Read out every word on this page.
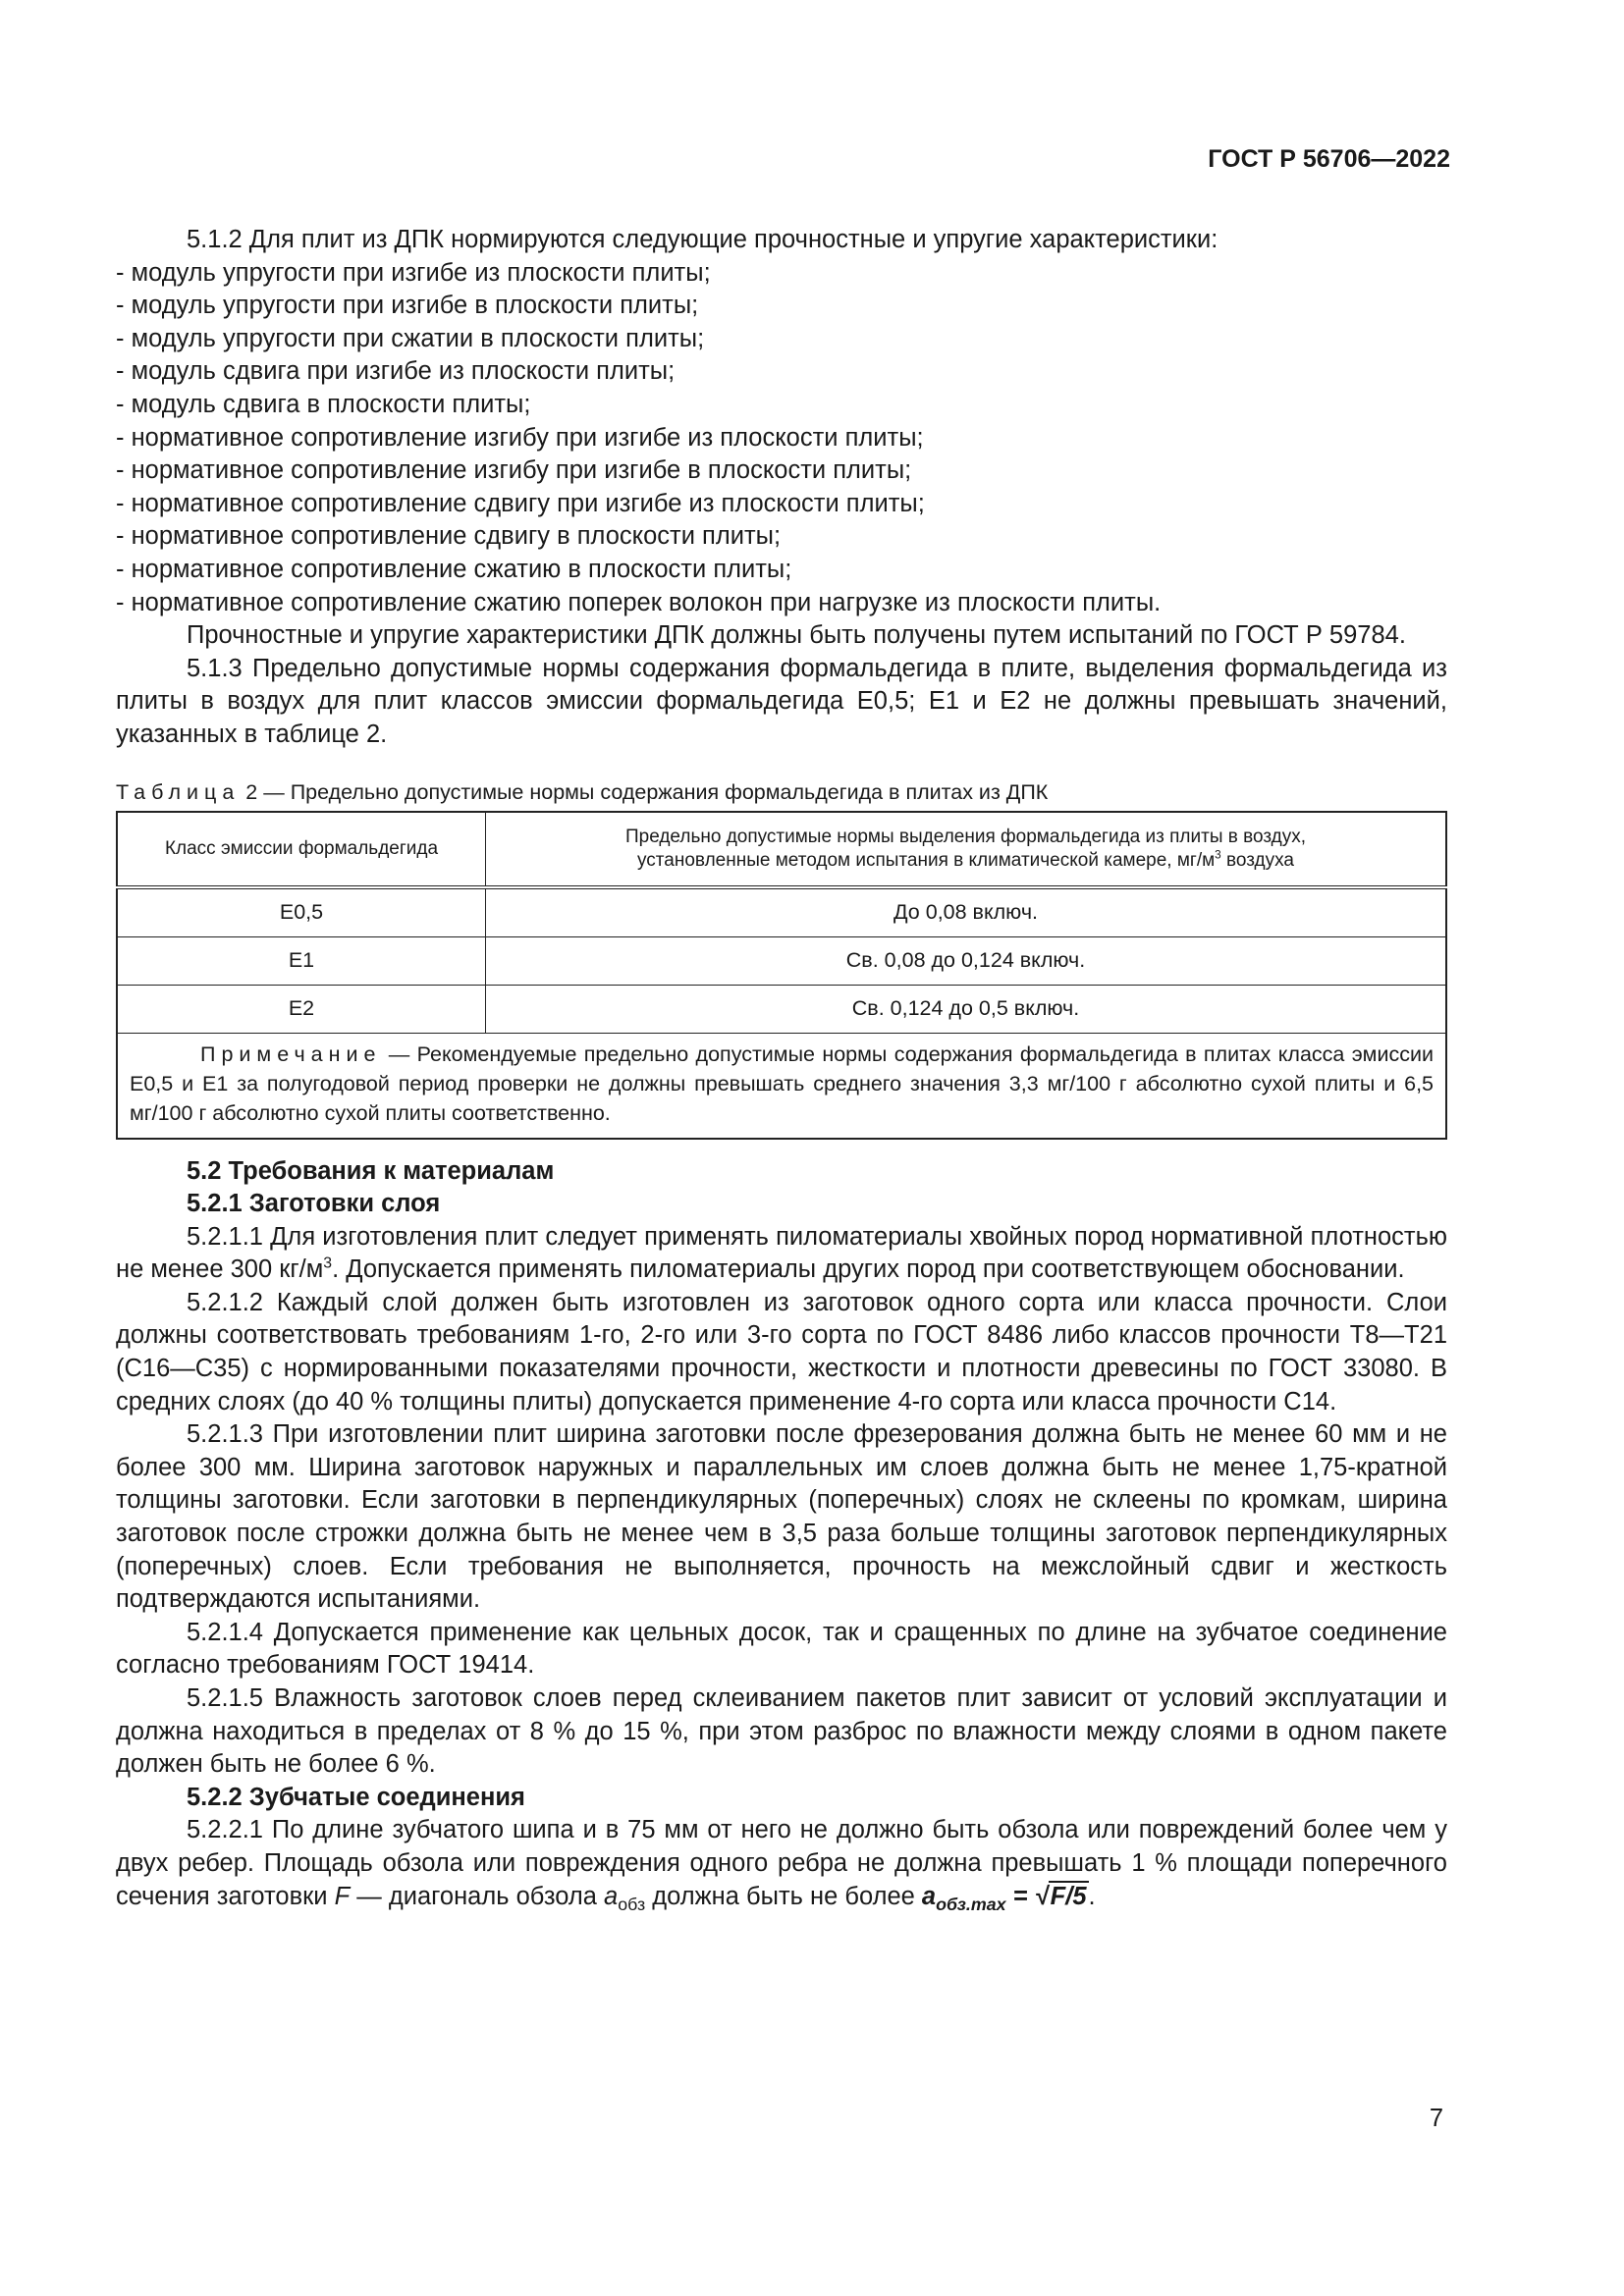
ГОСТ Р 56706—2022

5.1.2 Для плит из ДПК нормируются следующие прочностные и упругие характеристики:

- модуль упругости при изгибе из плоскости плиты;

- модуль упругости при изгибе в плоскости плиты;

- модуль упругости при сжатии в плоскости плиты;

- модуль сдвига при изгибе из плоскости плиты;

- модуль сдвига в плоскости плиты;

- нормативное сопротивление изгибу при изгибе из плоскости плиты;

- нормативное сопротивление изгибу при изгибе в плоскости плиты;

- нормативное сопротивление сдвигу при изгибе из плоскости плиты;

- нормативное сопротивление сдвигу в плоскости плиты;

- нормативное сопротивление сжатию в плоскости плиты;

- нормативное сопротивление сжатию поперек волокон при нагрузке из плоскости плиты.

Прочностные и упругие характеристики ДПК должны быть получены путем испытаний по ГОСТ Р 59784.

5.1.3 Предельно допустимые нормы содержания формальдегида в плите, выделения формальдегида из плиты в воздух для плит классов эмиссии формальдегида Е0,5; Е1 и Е2 не должны превышать значений, указанных в таблице 2.

Таблица 2 — Предельно допустимые нормы содержания формальдегида в плитах из ДПК

Класс эмиссии формальдегида	Предельно допустимые нормы выделения формальдегида из плиты в воздух,
установленные методом испытания в климатической камере, $мг/м^3$ воздуха
Е0,5	До 0,08 включ.
Е1	Св. 0,08 до 0,124 включ.
Е2	Св. 0,124 до 0,5 включ.
Примечание — Рекомендуемые предельно допустимые нормы содержания формальдегида в плитах класса эмиссии Е0,5 и Е1 за полугодовой период проверки не должны превышать среднего значения 3,3 мг/100 г абсолютно сухой плиты и 6,5 мг/100 г абсолютно сухой плиты соответственно.	

5.2 Требования к материалам

5.2.1 Заготовки слоя

5.2.1.1 Для изготовления плит следует применять пиломатериалы хвойных пород нормативной плотностью не менее 300 $кг/м^3$. Допускается применять пиломатериалы других пород при соответствующем обосновании.

5.2.1.2 Каждый слой должен быть изготовлен из заготовок одного сорта или класса прочности. Слои должны соответствовать требованиям 1-го, 2-го или 3-го сорта по ГОСТ 8486 либо классов прочности Т8—Т21 (С16—С35) с нормированными показателями прочности, жесткости и плотности древесины по ГОСТ 33080. В средних слоях (до 40 % толщины плиты) допускается применение 4-го сорта или класса прочности С14.

5.2.1.3 При изготовлении плит ширина заготовки после фрезерования должна быть не менее 60 мм и не более 300 мм. Ширина заготовок наружных и параллельных им слоев должна быть не менее 1,75-кратной толщины заготовки. Если заготовки в перпендикулярных (поперечных) слоях не склеены по кромкам, ширина заготовок после строжки должна быть не менее чем в 3,5 раза больше толщины заготовок перпендикулярных (поперечных) слоев. Если требования не выполняется, прочность на межслойный сдвиг и жесткость подтверждаются испытаниями.

5.2.1.4 Допускается применение как цельных досок, так и сращенных по длине на зубчатое соединение согласно требованиям ГОСТ 19414.

5.2.1.5 Влажность заготовок слоев перед склеиванием пакетов плит зависит от условий эксплуатации и должна находиться в пределах от 8 % до 15 %, при этом разброс по влажности между слоями в одном пакете должен быть не более 6 %.

5.2.2 Зубчатые соединения

5.2.2.1 По длине зубчатого шипа и в 75 мм от него не должно быть обзола или повреждений более чем у двух ребер. Площадь обзола или повреждения одного ребра не должна превышать 1 % площади поперечного сечения заготовки F — диагональ обзола $a_{обз}$ должна быть не более $a_{обз.max} = √F/5$.

7
